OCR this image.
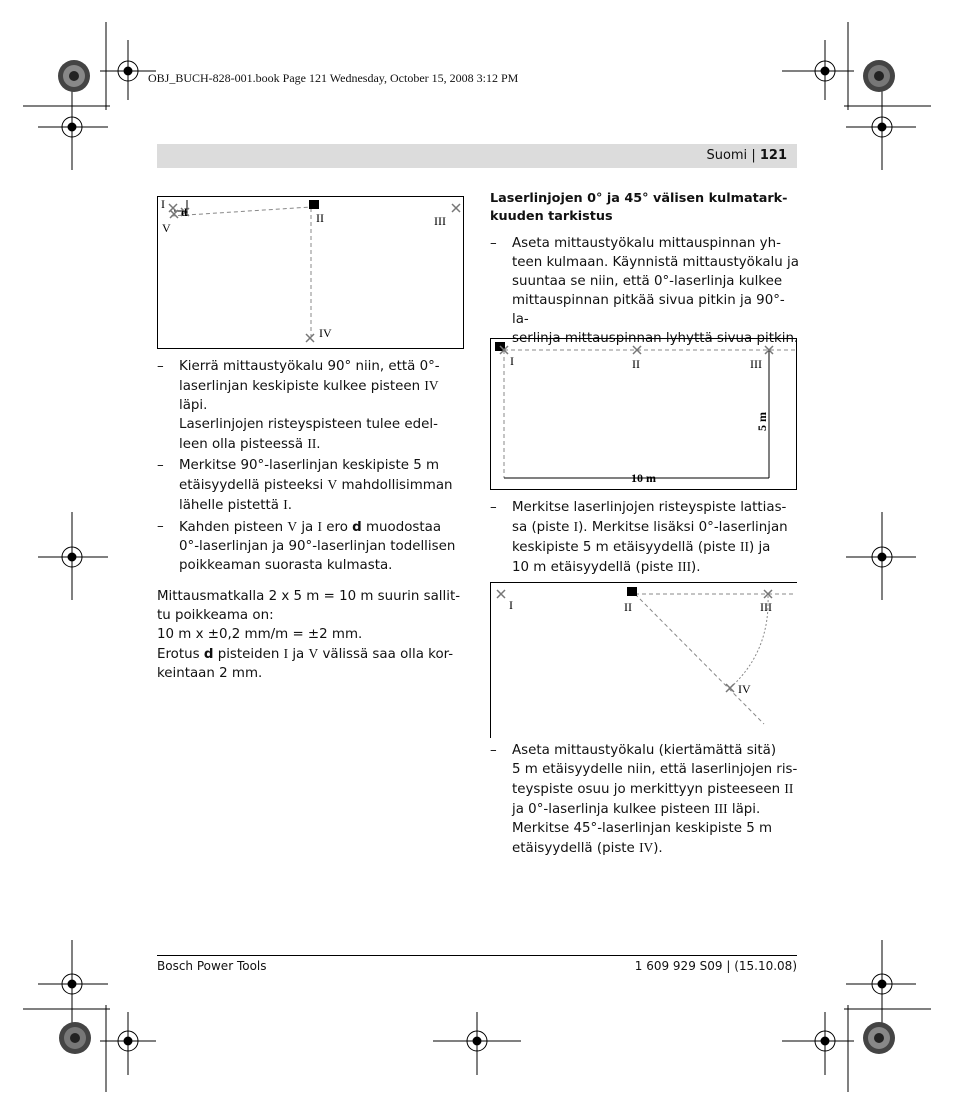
OBJ_BUCH-828-001.book Page 121 Wednesday, October 15, 2008 3:12 PM
Suomi | 121
I
V
d	II	III
IV
–	Kierrä mittaustyökalu 90° niin, että 0°-
laserlinjan keskipiste kulkee pisteen IV
läpi.
Laserlinjojen risteyspisteen tulee edel-
leen olla pisteessä II.
–	Merkitse 90°-laserlinjan keskipiste 5 m
etäisyydellä pisteeksi V mahdollisimman
lähelle pistettä I.
–	Kahden pisteen V ja I ero d muodostaa
0°-laserlinjan ja 90°-laserlinjan todellisen
poikkeaman suorasta kulmasta.
Mittausmatkalla 2 x 5 m = 10 m suurin sallit-
tu poikkeama on:
10 m x ±0,2 mm/m = ±2 mm.
Erotus d pisteiden I ja V välissä saa olla kor-
keintaan 2 mm.
Laserlinjojen 0° ja 45° välisen kulmatark-
kuuden tarkistus
–	Aseta mittaustyökalu mittauspinnan yh-
teen kulmaan. Käynnistä mittaustyökalu ja
suuntaa se niin, että 0°-laserlinja kulkee
mittauspinnan pitkää sivua pitkin ja 90°-la-
serlinja mittauspinnan lyhyttä sivua pitkin.
I	II	III
10 m
5 m
–	Merkitse laserlinjojen risteyspiste lattias-
sa (piste I). Merkitse lisäksi 0°-laserlinjan
keskipiste 5 m etäisyydellä (piste II) ja
10 m etäisyydellä (piste III).
I	II	III
IV
–	Aseta mittaustyökalu (kiertämättä sitä)
5 m etäisyydelle niin, että laserlinjojen ris-
teyspiste osuu jo merkittyyn pisteeseen II
ja 0°-laserlinja kulkee pisteen III läpi.
Merkitse 45°-laserlinjan keskipiste 5 m
etäisyydellä (piste IV).
Bosch Power Tools	1 609 929 S09 | (15.10.08)
